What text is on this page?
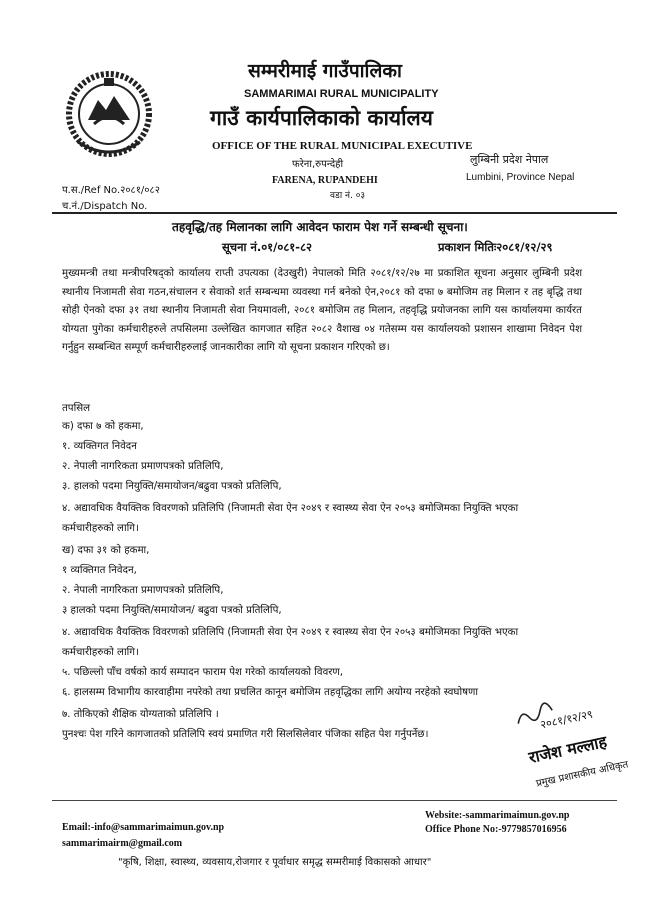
सम्मरीमाई गाउँपालिका
SAMMARIMAI RURAL MUNICIPALITY
गाउँ कार्यपालिकाको कार्यालय
OFFICE OF THE RURAL MUNICIPAL EXECUTIVE
फरेना,रुपन्देही
FARENA, RUPANDEHI
वडा नं. ०३
लुम्बिनी प्रदेश नेपाल
Lumbini, Province Nepal
प.स./Ref No.२०८१/०८२
च.नं./Dispatch No.
तहवृद्धि/तह मिलानका लागि आवेदन फाराम पेश गर्ने सम्बन्धी सूचना।
सूचना नं.०१/०८१-८२	प्रकाशन मितिः२०८१/१२/२९
मुख्यमन्त्री तथा मन्त्रीपरिषद्को कार्यालय राप्ती उपत्यका (देउखुरी) नेपालको मिति २०८१/१२/२७ मा प्रकाशित सूचना अनुसार लुम्बिनी प्रदेश स्थानीय निजामती सेवा गठन,संचालन र सेवाको शर्त सम्बन्धमा व्यवस्था गर्न बनेको ऐन,२०८१ को दफा ७ बमोजिम तह मिलान र तह बृद्धि तथा सोही ऐनको दफा ३१ तथा स्थानीय निजामती सेवा नियमावली, २०८१ बमोजिम तह मिलान, तहवृद्धि प्रयोजनका लागि यस कार्यालयमा कार्यरत योग्यता पुगेका कर्मचारीहरुले तपसिलमा उल्लेखित कागजात सहित २०८२ वैशाख ०४ गतेसम्म यस कार्यालयको प्रशासन शाखामा निवेदन पेश गर्नुहुन सम्बन्धित सम्पूर्ण कर्मचारीहरुलाई जानकारीका लागि यो सूचना प्रकाशन गरिएको छ।
तपसिल
क) दफा ७ को हकमा,
१. व्यक्तिगत निवेदन
२. नेपाली नागरिकता प्रमाणपत्रको प्रतिलिपि,
३. हालको पदमा नियुक्ति/समायोजन/बढुवा पत्रको प्रतिलिपि,
४. अद्यावधिक वैयक्तिक विवरणको प्रतिलिपि (निजामती सेवा ऐन २०४९ र स्वास्थ्य सेवा ऐन २०५३ बमोजिमका नियुक्ति भएका
कर्मचारीहरुको लागि।
ख) दफा ३१ को हकमा,
१ व्यक्तिगत निवेदन,
२. नेपाली नागरिकता प्रमाणपत्रको प्रतिलिपि,
३ हालको पदमा नियुक्ति/समायोजन/ बढुवा पत्रको प्रतिलिपि,
४. अद्यावधिक वैयक्तिक विवरणको प्रतिलिपि (निजामती सेवा ऐन २०४९ र स्वास्थ्य सेवा ऐन २०५३ बमोजिमका नियुक्ति भएका
कर्मचारीहरुको लागि।
५. पछिल्लो पाँच वर्षको कार्य सम्पादन फाराम पेश गरेको कार्यालयको विवरण,
६. हालसम्म विभागीय कारवाहीमा नपरेको तथा प्रचलित कानून बमोजिम तहवृद्धिका लागि अयोग्य नरहेको स्वघोषणा
७. तोकिएको शैक्षिक योग्यताको प्रतिलिपि ।
पुनश्चः पेश गरिने कागजातको प्रतिलिपि स्वयं प्रमाणित गरी सिलसिलेवार पंजिका सहित पेश गर्नुपर्नेछ।
२०८१/१२/२९
राजेश मल्लाह
प्रमुख प्रशासकीय अधिकृत
Website:-sammarimaimun.gov.np
Office Phone No:-9779857016956
Email:-info@sammarimaimun.gov.np
sammarimairm@gmail.com
"कृषि, शिक्षा, स्वास्थ्य, व्यवसाय,रोजगार र पूर्वाधार समृद्ध सम्मरीमाई विकासको आधार"
